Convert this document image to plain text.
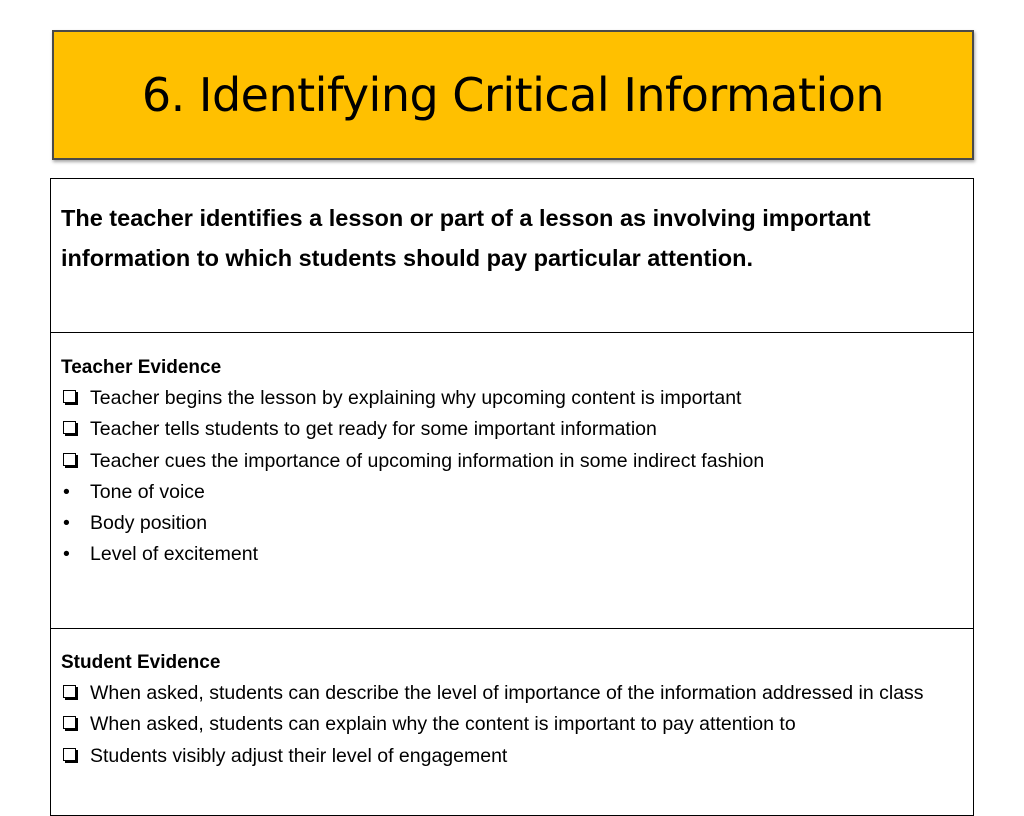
6. Identifying Critical Information

The teacher identifies a lesson or part of a lesson as involving important information to which students should pay particular attention.

Teacher Evidence

Teacher begins the lesson by explaining why upcoming content is important

Teacher tells students to get ready for some important information

Teacher cues the importance of upcoming information in some indirect fashion

• Tone of voice

• Body position

• Level of excitement

Student Evidence

When asked, students can describe the level of importance of the information addressed in class

When asked, students can explain why the content is important to pay attention to

Students visibly adjust their level of engagement
